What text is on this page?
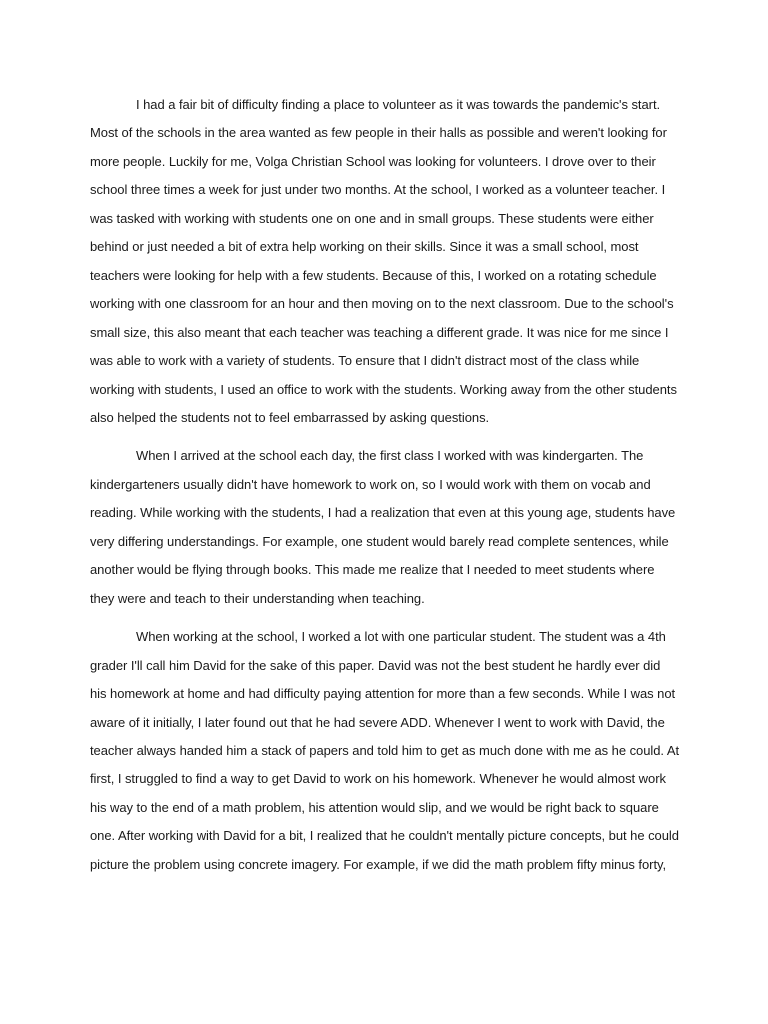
I had a fair bit of difficulty finding a place to volunteer as it was towards the pandemic's start. Most of the schools in the area wanted as few people in their halls as possible and weren't looking for more people. Luckily for me, Volga Christian School was looking for volunteers. I drove over to their school three times a week for just under two months. At the school, I worked as a volunteer teacher. I was tasked with working with students one on one and in small groups. These students were either behind or just needed a bit of extra help working on their skills. Since it was a small school, most teachers were looking for help with a few students. Because of this, I worked on a rotating schedule working with one classroom for an hour and then moving on to the next classroom. Due to the school's small size, this also meant that each teacher was teaching a different grade. It was nice for me since I was able to work with a variety of students. To ensure that I didn't distract most of the class while working with students, I used an office to work with the students. Working away from the other students also helped the students not to feel embarrassed by asking questions.

When I arrived at the school each day, the first class I worked with was kindergarten. The kindergarteners usually didn't have homework to work on, so I would work with them on vocab and reading. While working with the students, I had a realization that even at this young age, students have very differing understandings. For example, one student would barely read complete sentences, while another would be flying through books. This made me realize that I needed to meet students where they were and teach to their understanding when teaching.

When working at the school, I worked a lot with one particular student. The student was a 4th grader I'll call him David for the sake of this paper. David was not the best student he hardly ever did his homework at home and had difficulty paying attention for more than a few seconds. While I was not aware of it initially, I later found out that he had severe ADD. Whenever I went to work with David, the teacher always handed him a stack of papers and told him to get as much done with me as he could. At first, I struggled to find a way to get David to work on his homework. Whenever he would almost work his way to the end of a math problem, his attention would slip, and we would be right back to square one. After working with David for a bit, I realized that he couldn't mentally picture concepts, but he could picture the problem using concrete imagery. For example, if we did the math problem fifty minus forty,
